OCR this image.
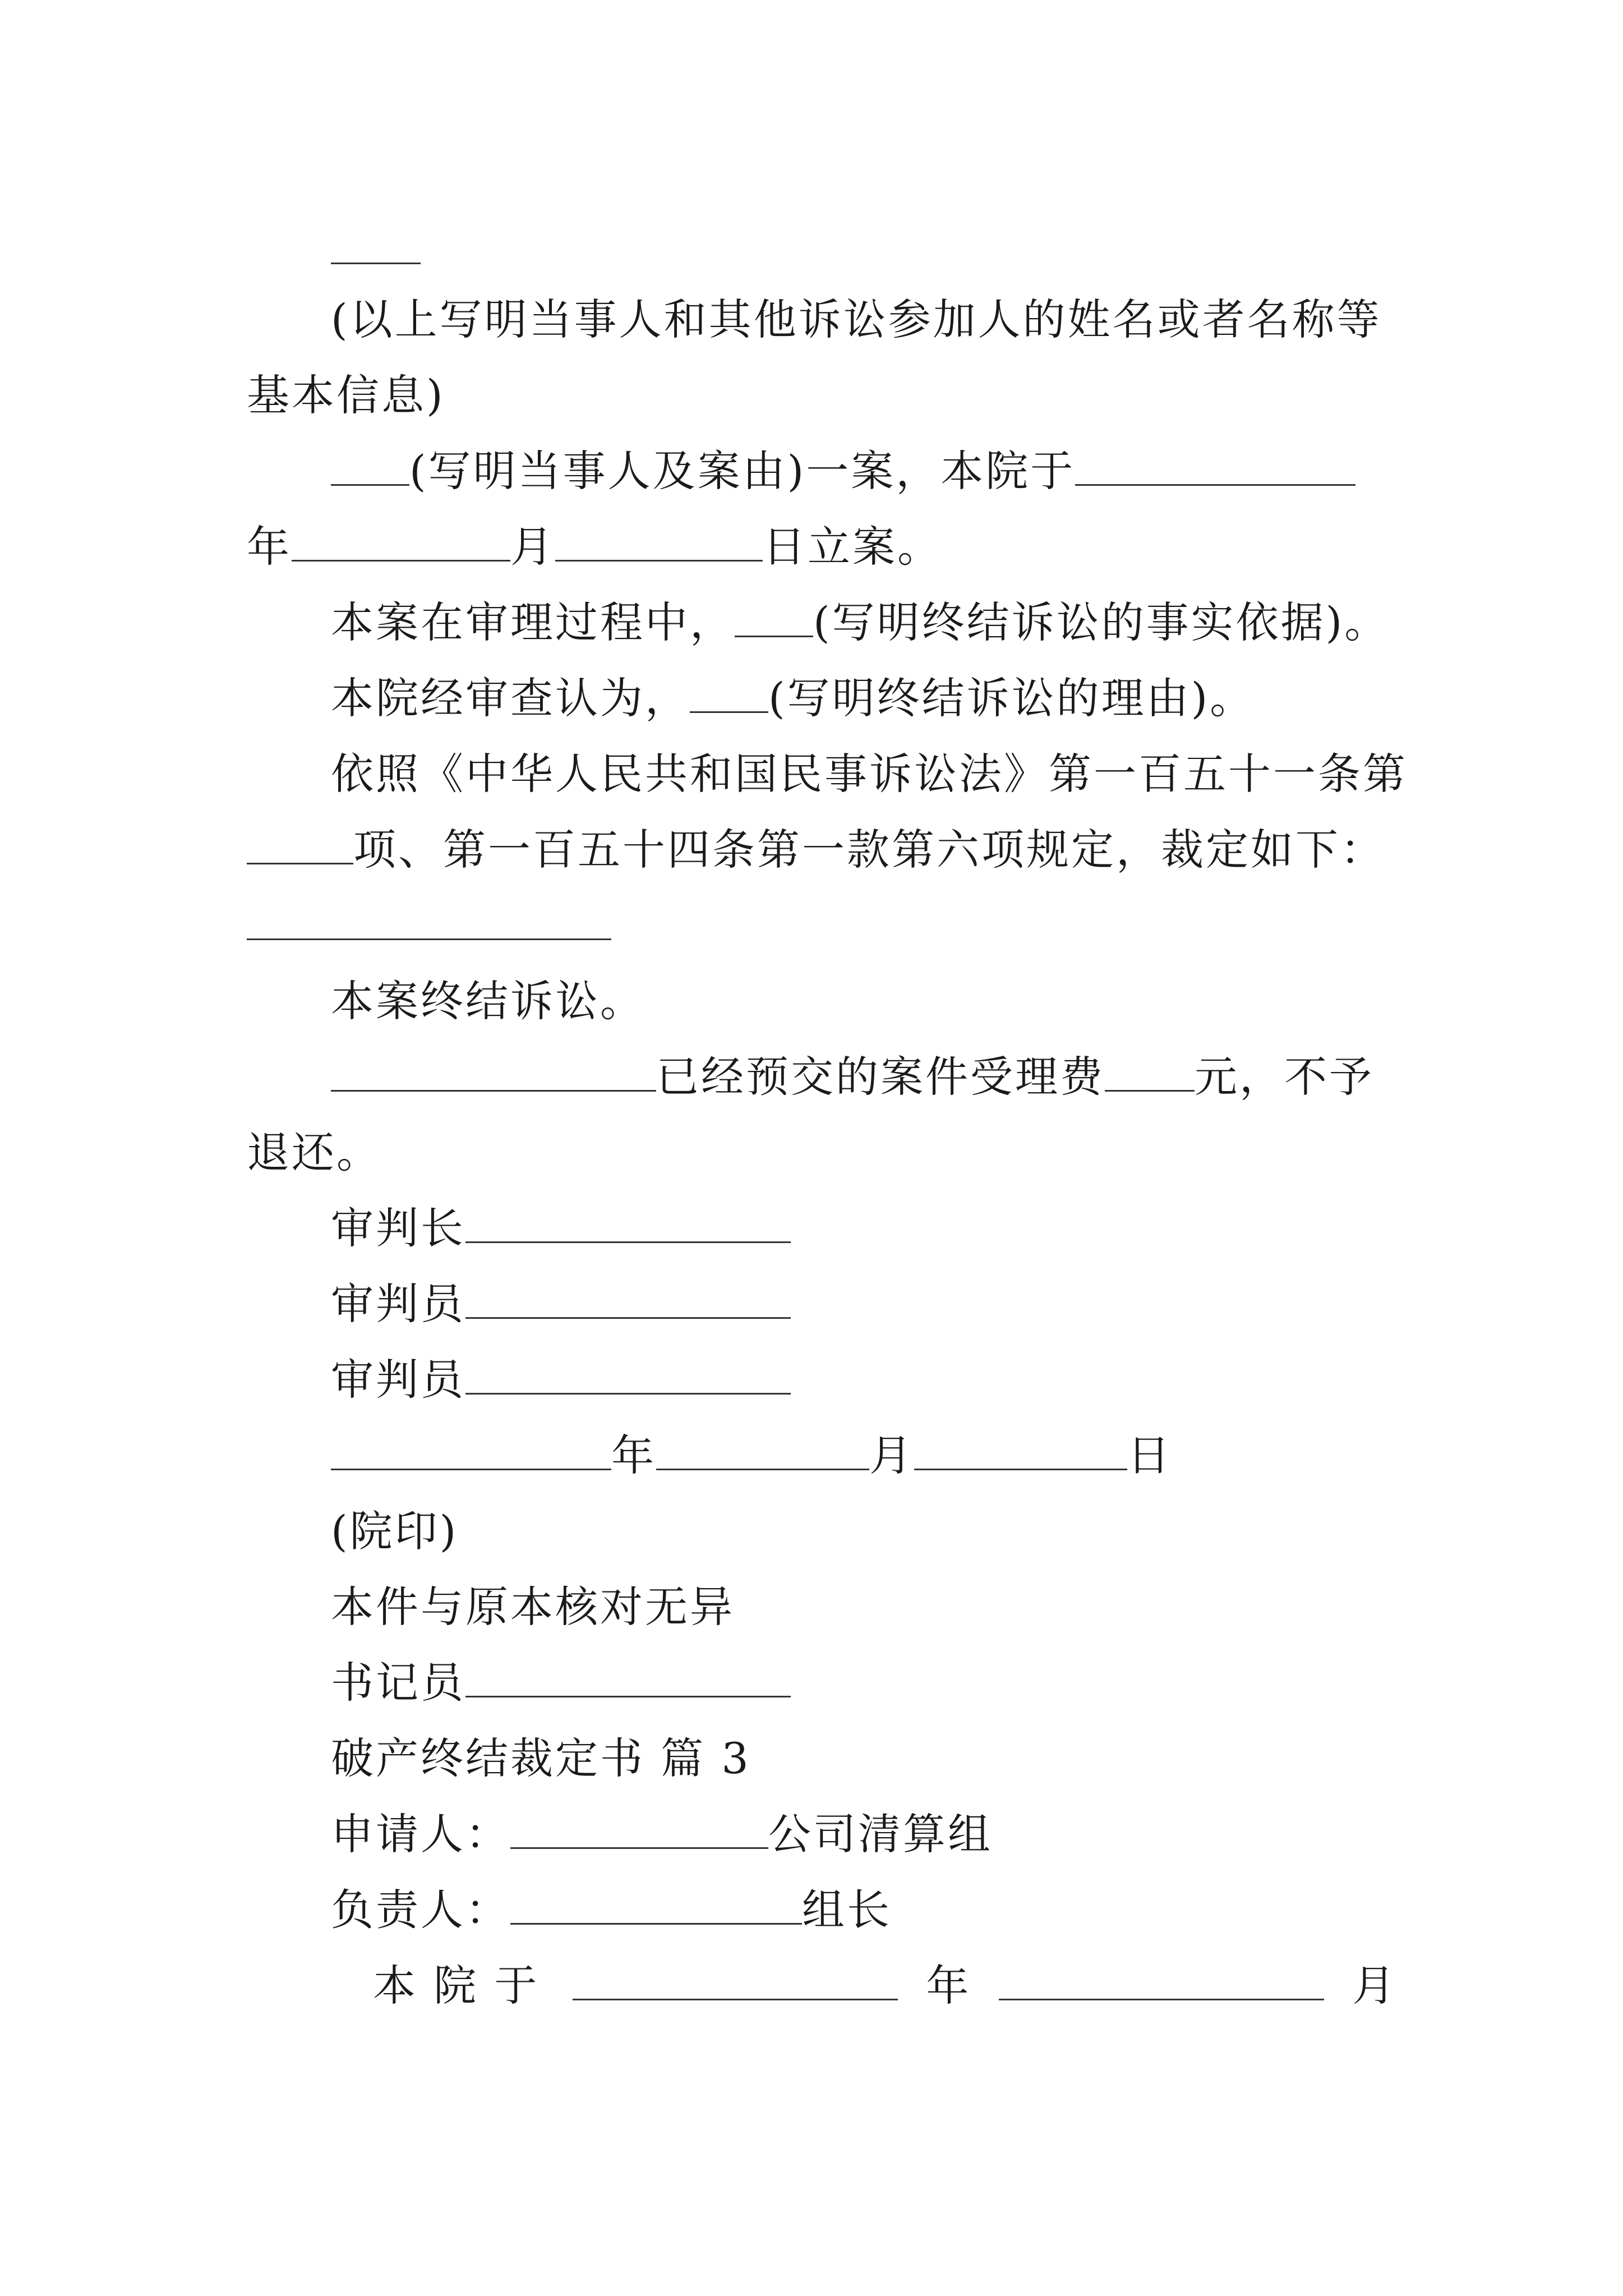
(以上写明当事人和其他诉讼参加人的姓名或者名称等
基本信息)
(写明当事人及案由)一案，本院于
年	月	日立案。
本案在审理过程中， (写明终结诉讼的事实依据)。
本院经审查认为， (写明终结诉讼的理由)。
依照《中华人民共和国民事诉讼法》第一百五十一条第
项、第一百五十四条第一款第六项规定，裁定如下：
本案终结诉讼。
已经预交的案件受理费 元，不予
退还。
审判长
审判员
审判员
年	月	日
(院印)
本件与原本核对无异
书记员
破产终结裁定书 篇 3
申请人：	公司清算组
负责人：	组长
本 院 于	年	月
